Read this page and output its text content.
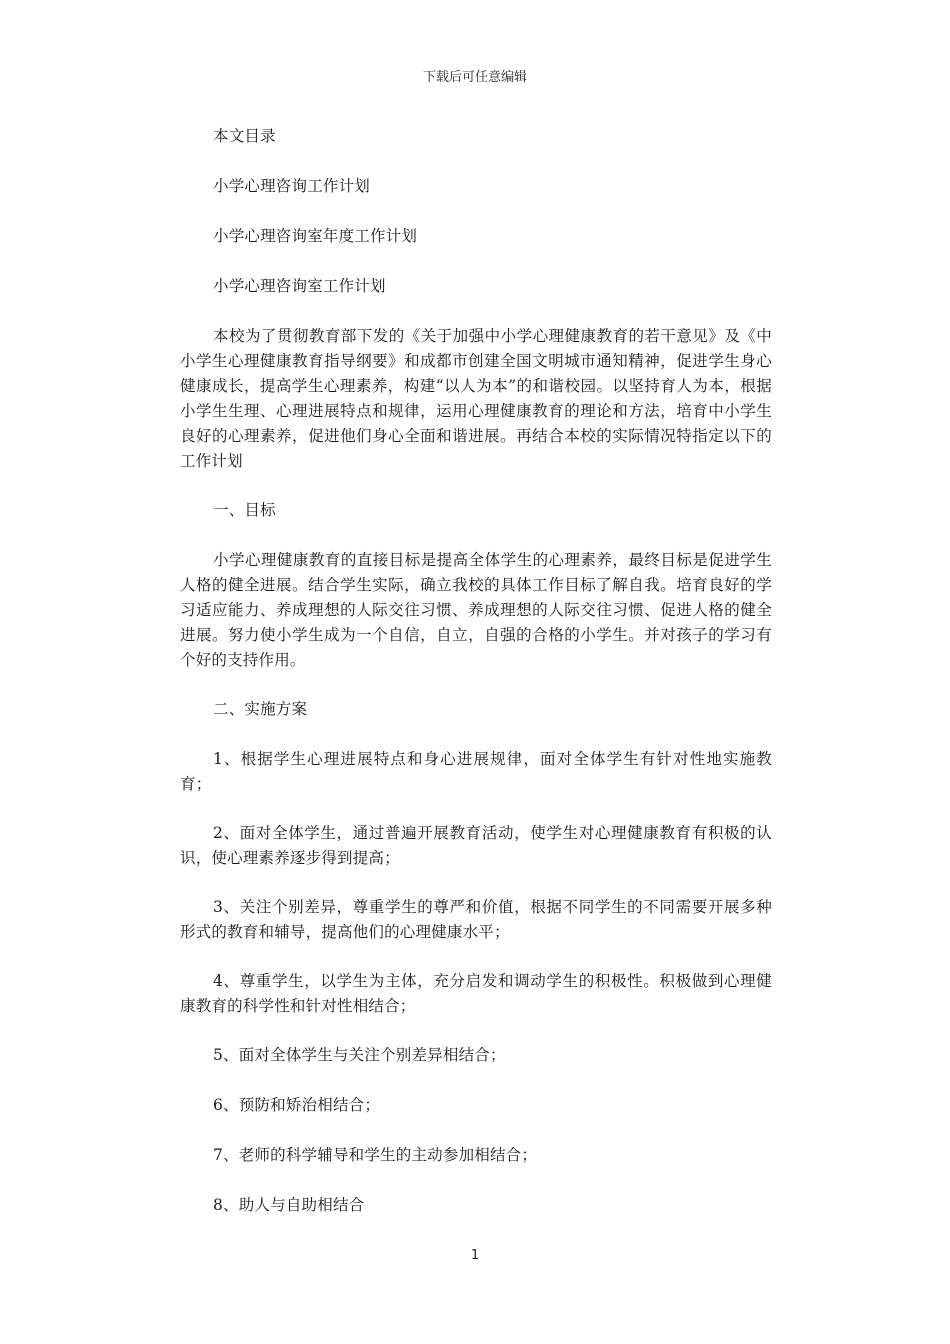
下载后可任意编辑

本文目录

小学心理咨询工作计划

小学心理咨询室年度工作计划

小学心理咨询室工作计划

本校为了贯彻教育部下发的《关于加强中小学心理健康教育的若干意见》及《中小学生心理健康教育指导纲要》和成都市创建全国文明城市通知精神，促进学生身心健康成长，提高学生心理素养，构建“以人为本”的和谐校园。以坚持育人为本，根据小学生生理、心理进展特点和规律，运用心理健康教育的理论和方法，培育中小学生良好的心理素养，促进他们身心全面和谐进展。再结合本校的实际情况特指定以下的工作计划

一、目标

小学心理健康教育的直接目标是提高全体学生的心理素养，最终目标是促进学生人格的健全进展。结合学生实际，确立我校的具体工作目标了解自我。培育良好的学习适应能力、养成理想的人际交往习惯、养成理想的人际交往习惯、促进人格的健全进展。努力使小学生成为一个自信，自立，自强的合格的小学生。并对孩子的学习有个好的支持作用。

二、实施方案

1、根据学生心理进展特点和身心进展规律，面对全体学生有针对性地实施教育；

2、面对全体学生，通过普遍开展教育活动，使学生对心理健康教育有积极的认识，使心理素养逐步得到提高；

3、关注个别差异，尊重学生的尊严和价值，根据不同学生的不同需要开展多种形式的教育和辅导，提高他们的心理健康水平；

4、尊重学生，以学生为主体，充分启发和调动学生的积极性。积极做到心理健康教育的科学性和针对性相结合；

5、面对全体学生与关注个别差异相结合；

6、预防和矫治相结合；

7、老师的科学辅导和学生的主动参加相结合；

8、助人与自助相结合

1
